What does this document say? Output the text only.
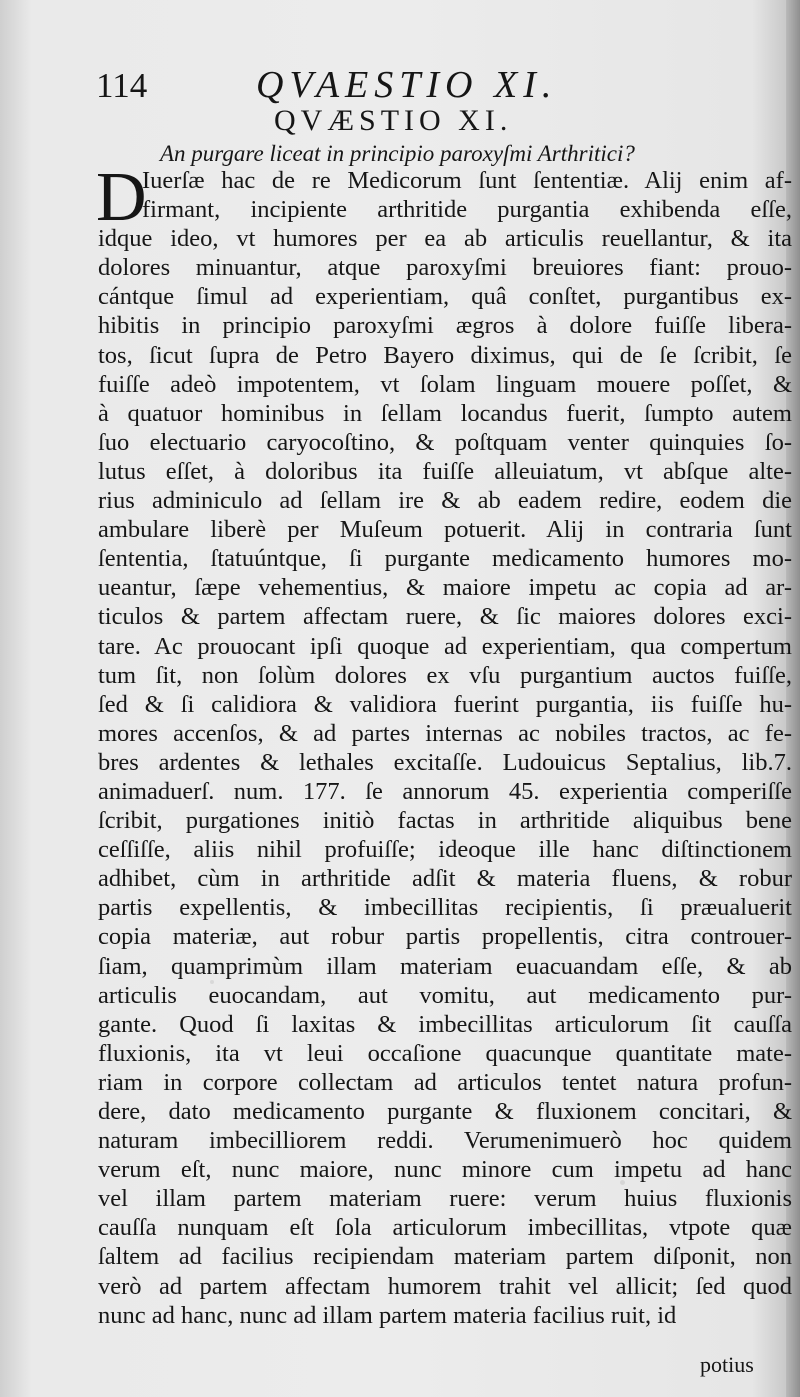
114	QVAESTIO XI.
QVÆSTIO XI.
An purgare liceat in principio paroxyſmi Arthritici?
D
Iuerſæ hac de re Medicorum ſunt ſententiæ. Alij enim af-
firmant, incipiente arthritide purgantia exhibenda eſſe,
idque ideo, vt humores per ea ab articulis reuellantur, & ita
dolores minuantur, atque paroxyſmi breuiores fiant: prouo-
cántque ſimul ad experientiam, quâ conſtet, purgantibus ex-
hibitis in principio paroxyſmi ægros à dolore fuiſſe libera-
tos, ſicut ſupra de Petro Bayero diximus, qui de ſe ſcribit, ſe
fuiſſe adeò impotentem, vt ſolam linguam mouere poſſet, &
à quatuor hominibus in ſellam locandus fuerit, ſumpto autem
ſuo electuario caryocoſtino, & poſtquam venter quinquies ſo-
lutus eſſet, à doloribus ita fuiſſe alleuiatum, vt abſque alte-
rius adminiculo ad ſellam ire & ab eadem redire, eodem die
ambulare liberè per Muſeum potuerit. Alij in contraria ſunt
ſententia, ſtatuúntque, ſi purgante medicamento humores mo-
ueantur, ſæpe vehementius, & maiore impetu ac copia ad ar-
ticulos & partem affectam ruere, & ſic maiores dolores exci-
tare. Ac prouocant ipſi quoque ad experientiam, qua compertum
tum ſit, non ſolùm dolores ex vſu purgantium auctos fuiſſe,
ſed & ſi calidiora & validiora fuerint purgantia, iis fuiſſe hu-
mores accenſos, & ad partes internas ac nobiles tractos, ac fe-
bres ardentes & lethales excitaſſe. Ludouicus Septalius, lib.7.
animaduerſ. num. 177. ſe annorum 45. experientia comperiſſe
ſcribit, purgationes initiò factas in arthritide aliquibus bene
ceſſiſſe, aliis nihil profuiſſe; ideoque ille hanc diſtinctionem
adhibet, cùm in arthritide adſit & materia fluens, & robur
partis expellentis, & imbecillitas recipientis, ſi præualuerit
copia materiæ, aut robur partis propellentis, citra controuer-
ſiam, quamprimùm illam materiam euacuandam eſſe, & ab
articulis euocandam, aut vomitu, aut medicamento pur-
gante. Quod ſi laxitas & imbecillitas articulorum ſit cauſſa
fluxionis, ita vt leui occaſione quacunque quantitate mate-
riam in corpore collectam ad articulos tentet natura profun-
dere, dato medicamento purgante & fluxionem concitari, &
naturam imbecilliorem reddi. Verumenimuerò hoc quidem
verum eſt, nunc maiore, nunc minore cum impetu ad hanc
vel illam partem materiam ruere: verum huius fluxionis
cauſſa nunquam eſt ſola articulorum imbecillitas, vtpote quæ
ſaltem ad facilius recipiendam materiam partem diſponit, non
verò ad partem affectam humorem trahit vel allicit; ſed quod
nunc ad hanc, nunc ad illam partem materia facilius ruit, id
potius
